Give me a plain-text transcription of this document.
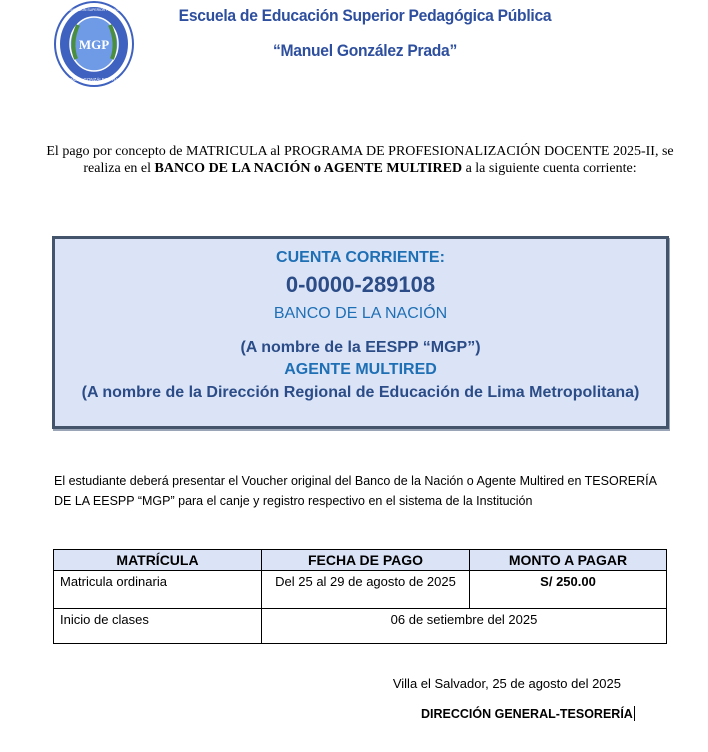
MGP
MANUEL GONZÁLEZ PRADA
ESCUELA DE EDUCACIÓN SUPERIOR PEDAGÓGICA PÚBLICA	Escuela de Educación Superior Pedagógica Pública
“Manuel González Prada”
El pago por concepto de MATRICULA al PROGRAMA DE PROFESIONALIZACIÓN DOCENTE 2025-II, se realiza en el BANCO DE LA NACIÓN o AGENTE MULTIRED a la siguiente cuenta corriente:
CUENTA CORRIENTE:
0-0000-289108
BANCO DE LA NACIÓN
(A nombre de la EESPP “MGP”)
AGENTE MULTIRED
(A nombre de la Dirección Regional de Educación de Lima Metropolitana)
El estudiante deberá presentar el Voucher original del Banco de la Nación o Agente Multired en TESORERÍA DE LA EESPP “MGP” para el canje y registro respectivo en el sistema de la Institución
MATRÍCULA	FECHA DE PAGO	MONTO A PAGAR
Matricula ordinaria	Del 25 al 29 de agosto de 2025	S/ 250.00
Inicio de clases	06 de setiembre del 2025	
Villa el Salvador, 25 de agosto del 2025
DIRECCIÓN GENERAL-TESORERÍA
